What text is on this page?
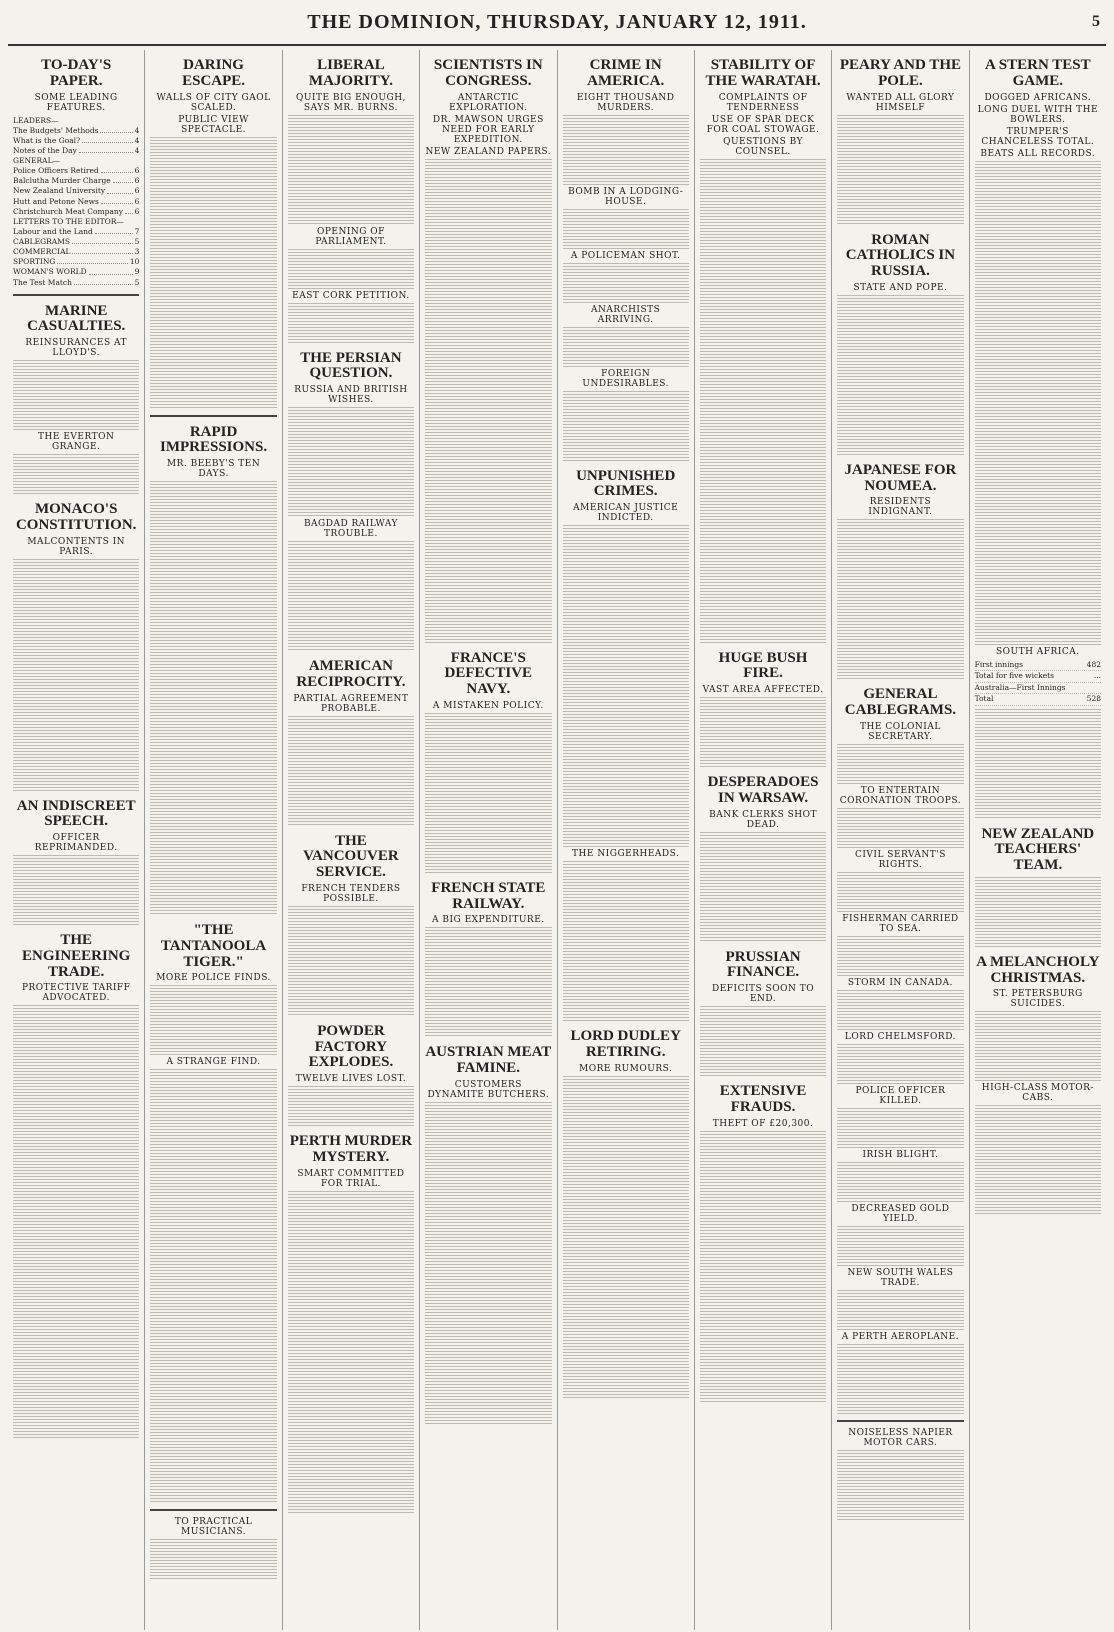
THE DOMINION, THURSDAY, JANUARY 12, 1911.	5
TO-DAY'S PAPER.
SOME LEADING FEATURES.
LEADERS—
The Budgets' Methods	4
What is the Goal?	4
Notes of the Day	4
GENERAL—
Police Officers Retired	6
Balclutha Murder Charge	6
New Zealand University	6
Hutt and Petone News	6
Christchurch Meat Company 6
LETTERS TO THE EDITOR—
Labour and the Land	7
CABLEGRAMS	5
COMMERCIAL	3
SPORTING	10
WOMAN'S WORLD	9
The Test Match	5
MARINE CASUALTIES.
REINSURANCES AT LLOYD'S.
THE EVERTON GRANGE.
MONACO'S CONSTITUTION.
MALCONTENTS IN PARIS.
AN INDISCREET SPEECH.
OFFICER REPRIMANDED.
THE ENGINEERING TRADE.
PROTECTIVE TARIFF ADVOCATED.
DARING ESCAPE.
WALLS OF CITY GAOL SCALED.
PUBLIC VIEW SPECTACLE.
RAPID IMPRESSIONS.
MR. BEEBY'S TEN DAYS.
"THE TANTANOOLA TIGER."
MORE POLICE FINDS.
A STRANGE FIND.
TO PRACTICAL MUSICIANS.
LIBERAL MAJORITY.
QUITE BIG ENOUGH, SAYS MR. BURNS.
OPENING OF PARLIAMENT.
EAST CORK PETITION.
THE PERSIAN QUESTION.
RUSSIA AND BRITISH WISHES.
BAGDAD RAILWAY TROUBLE.
AMERICAN RECIPROCITY.
PARTIAL AGREEMENT PROBABLE.
THE VANCOUVER SERVICE.
FRENCH TENDERS POSSIBLE.
POWDER FACTORY EXPLODES.
TWELVE LIVES LOST.
PERTH MURDER MYSTERY.
SMART COMMITTED FOR TRIAL.
SCIENTISTS IN CONGRESS.
ANTARCTIC EXPLORATION.
DR. MAWSON URGES NEED FOR EARLY EXPEDITION.
NEW ZEALAND PAPERS.
FRANCE'S DEFECTIVE NAVY.
A MISTAKEN POLICY.
FRENCH STATE RAILWAY.
A BIG EXPENDITURE.
AUSTRIAN MEAT FAMINE.
CUSTOMERS DYNAMITE BUTCHERS.
CRIME IN AMERICA.
EIGHT THOUSAND MURDERS.
BOMB IN A LODGING-HOUSE.
A POLICEMAN SHOT.
ANARCHISTS ARRIVING.
FOREIGN UNDESIRABLES.
UNPUNISHED CRIMES.
AMERICAN JUSTICE INDICTED.
THE NIGGERHEADS.
LORD DUDLEY RETIRING.
MORE RUMOURS.
STABILITY OF THE WARATAH.
COMPLAINTS OF TENDERNESS
USE OF SPAR DECK FOR COAL STOWAGE.
QUESTIONS BY COUNSEL.
HUGE BUSH FIRE.
VAST AREA AFFECTED.
DESPERADOES IN WARSAW.
BANK CLERKS SHOT DEAD.
PRUSSIAN FINANCE.
DEFICITS SOON TO END.
EXTENSIVE FRAUDS.
THEFT OF £20,300.
PEARY AND THE POLE.
WANTED ALL GLORY HIMSELF
ROMAN CATHOLICS IN RUSSIA.
STATE AND POPE.
JAPANESE FOR NOUMEA.
RESIDENTS INDIGNANT.
GENERAL CABLEGRAMS.
THE COLONIAL SECRETARY.
TO ENTERTAIN CORONATION TROOPS.
CIVIL SERVANT'S RIGHTS.
FISHERMAN CARRIED TO SEA.
STORM IN CANADA.
LORD CHELMSFORD.
POLICE OFFICER KILLED.
IRISH BLIGHT.
DECREASED GOLD YIELD.
NEW SOUTH WALES TRADE.
A PERTH AEROPLANE.
NOISELESS NAPIER MOTOR CARS.
A STERN TEST GAME.
DOGGED AFRICANS.
LONG DUEL WITH THE BOWLERS.
TRUMPER'S CHANCELESS TOTAL.
BEATS ALL RECORDS.
SOUTH AFRICA.
First innings	482
Total for five wickets	...
Australia—First Innings
Total	528
NEW ZEALAND TEACHERS' TEAM.
A MELANCHOLY CHRISTMAS.
ST. PETERSBURG SUICIDES.
HIGH-CLASS MOTOR-CABS.
